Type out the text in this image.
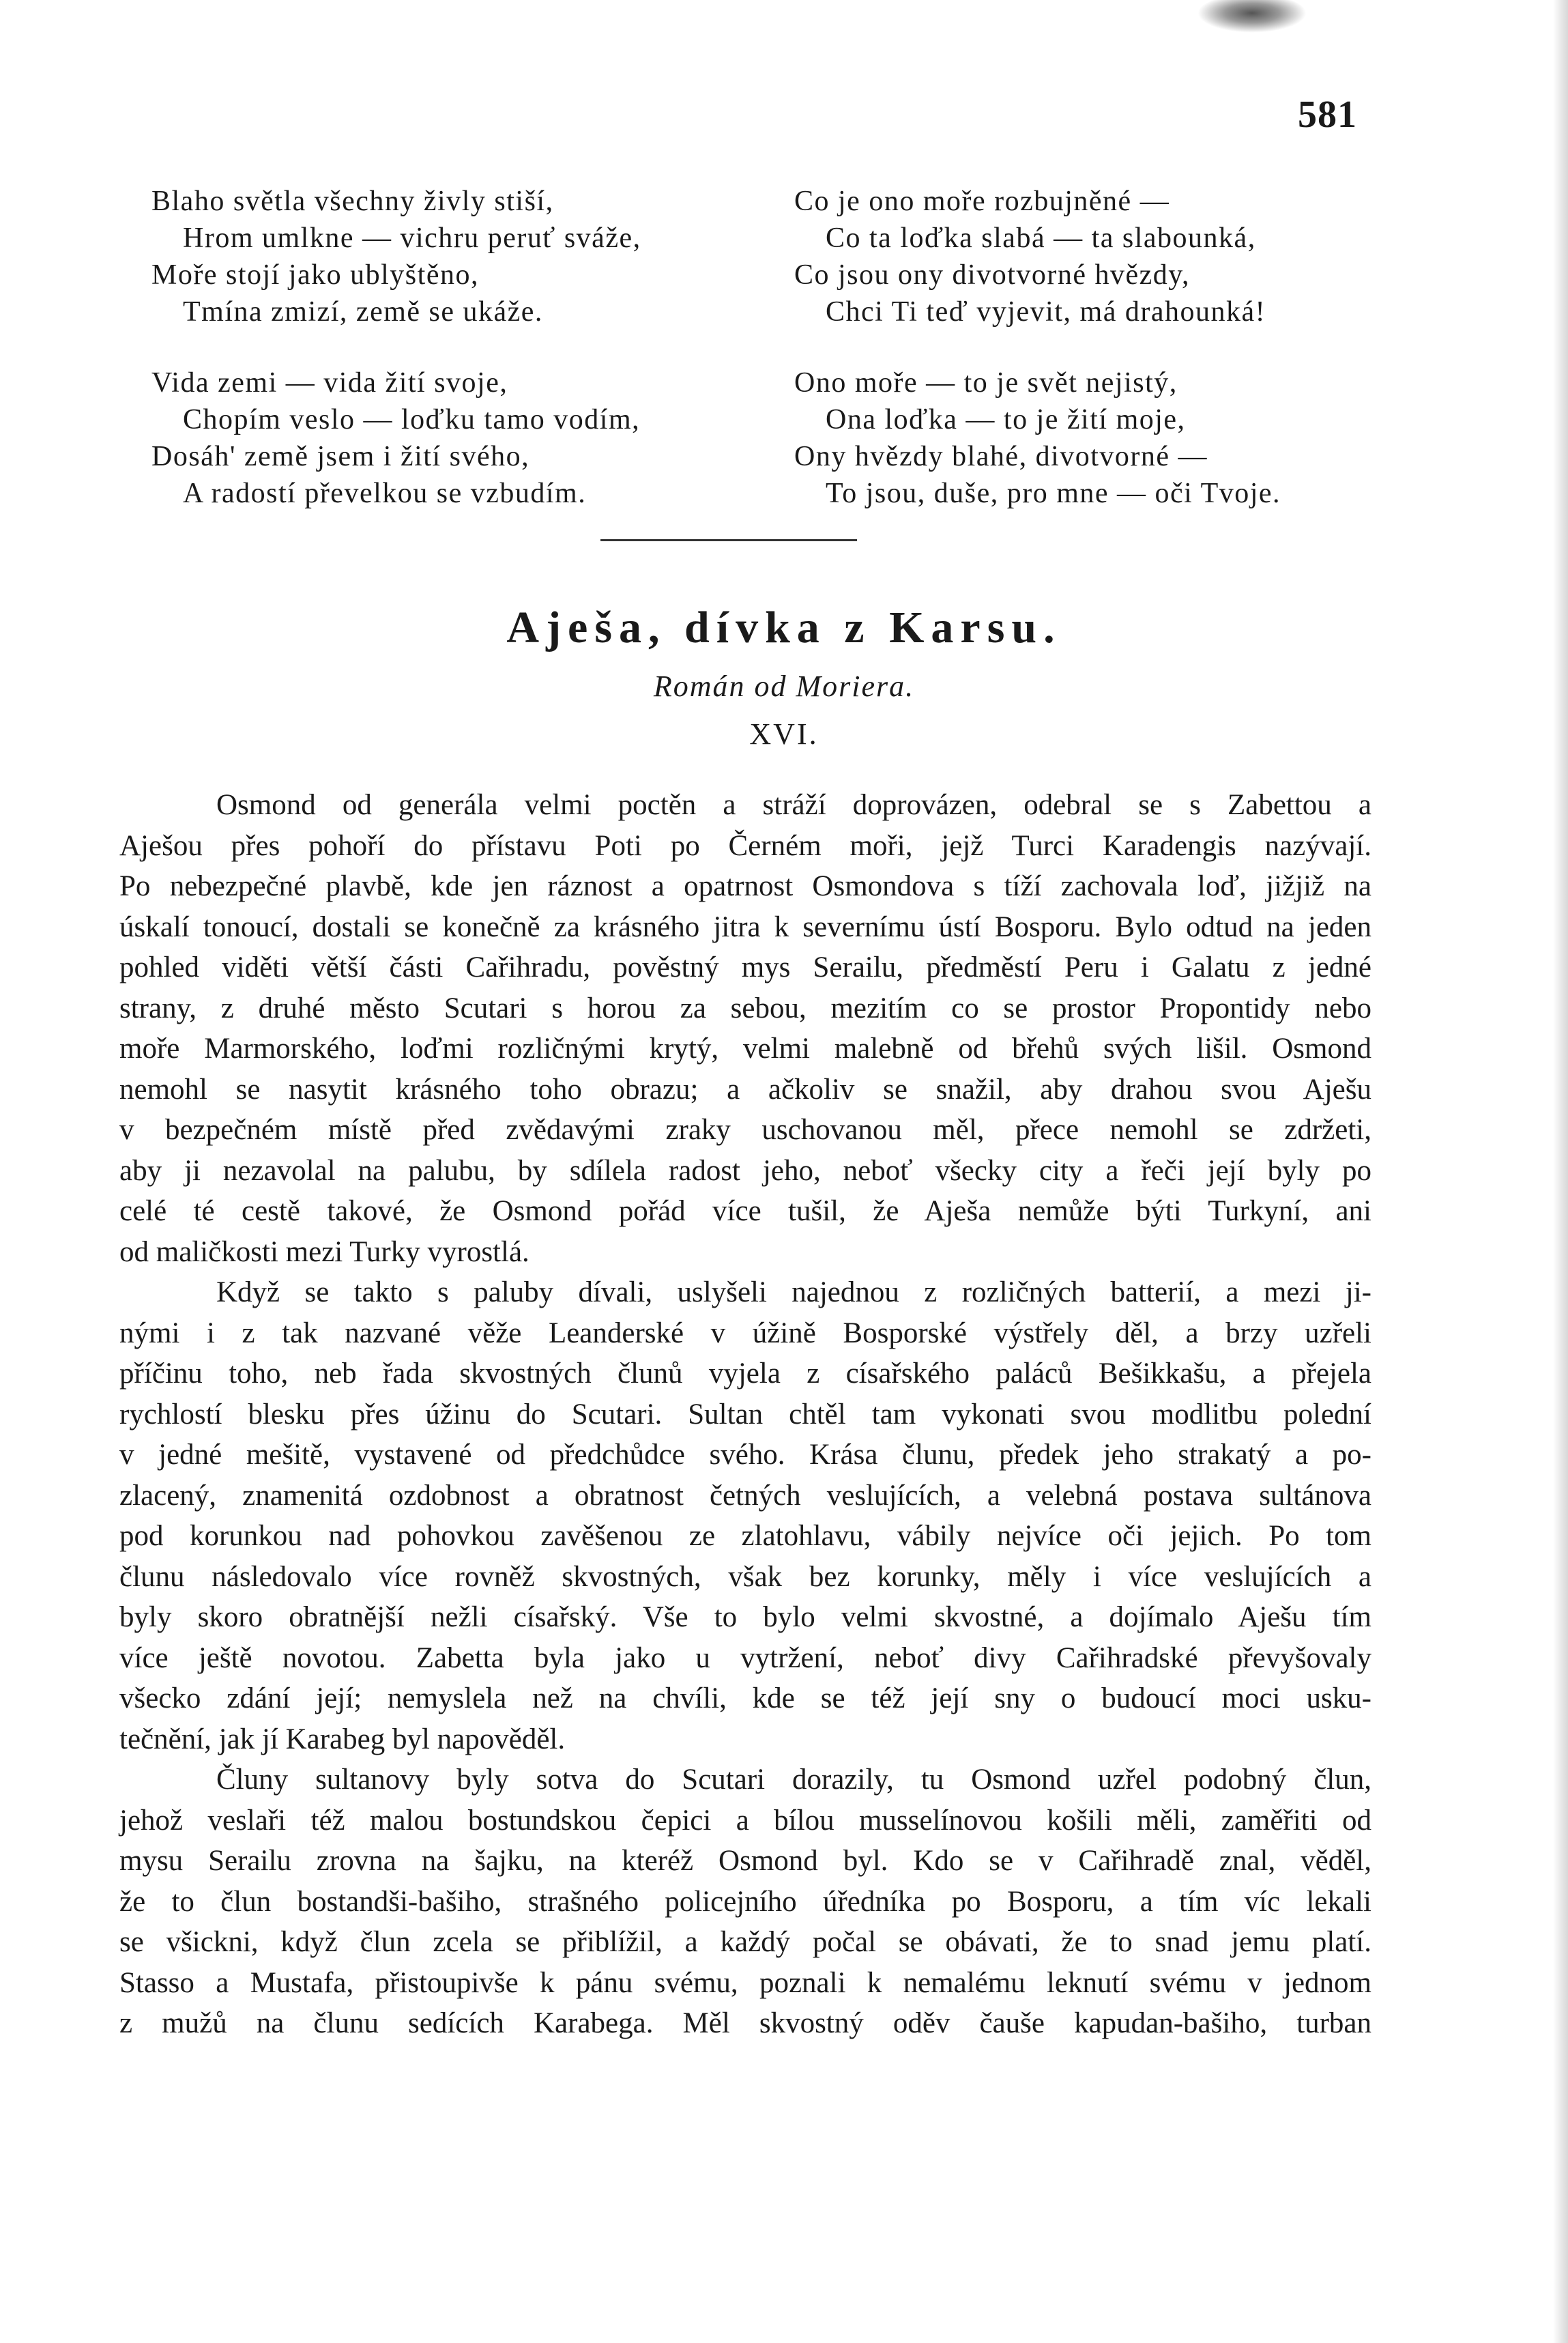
581
Blaho světla všechny živly stiší,
Hrom umlkne — vichru peruť sváže,
Moře stojí jako ublyštěno,
Tmína zmizí, země se ukáže.
Vida zemi — vida žití svoje,
Chopím veslo — loďku tamo vodím,
Dosáh' země jsem i žití svého,
A radostí převelkou se vzbudím.
Co je ono moře rozbujněné —
Co ta loďka slabá — ta slabounká,
Co jsou ony divotvorné hvězdy,
Chci Ti teď vyjevit, má drahounká!
Ono moře — to je svět nejistý,
Ona loďka — to je žití moje,
Ony hvězdy blahé, divotvorné —
To jsou, duše, pro mne — oči Tvoje.
Aješa, dívka z Karsu.
Román od Moriera.
XVI.

Osmond od generála velmi poctěn a stráží doprovázen, odebral se s Zabettou a
Aješou přes pohoří do přístavu Poti po Černém moři, jejž Turci Karadengis nazývají.
Po nebezpečné plavbě, kde jen ráznost a opatrnost Osmondova s tíží zachovala loď, jižjiž na
úskalí tonoucí, dostali se konečně za krásného jitra k severnímu ústí Bosporu. Bylo odtud na jeden
pohled viděti větší části Cařihradu, pověstný mys Serailu, předměstí Peru i Galatu z jedné
strany, z druhé město Scutari s horou za sebou, mezitím co se prostor Propontidy nebo
moře Marmorského, loďmi rozličnými krytý, velmi malebně od břehů svých lišil. Osmond
nemohl se nasytit krásného toho obrazu; a ačkoliv se snažil, aby drahou svou Aješu
v bezpečném místě před zvědavými zraky uschovanou měl, přece nemohl se zdržeti,
aby ji nezavolal na palubu, by sdílela radost jeho, neboť všecky city a řeči její byly po
celé té cestě takové, že Osmond pořád více tušil, že Aješa nemůže býti Turkyní, ani
od maličkosti mezi Turky vyrostlá.

Když se takto s paluby dívali, uslyšeli najednou z rozličných batterií, a mezi ji-
nými i z tak nazvané věže Leanderské v úžině Bosporské výstřely děl, a brzy uzřeli
příčinu toho, neb řada skvostných člunů vyjela z císařského paláců Bešikkašu, a přejela
rychlostí blesku přes úžinu do Scutari. Sultan chtěl tam vykonati svou modlitbu polední
v jedné mešitě, vystavené od předchůdce svého. Krása člunu, předek jeho strakatý a po-
zlacený, znamenitá ozdobnost a obratnost četných veslujících, a velebná postava sultánova
pod korunkou nad pohovkou zavěšenou ze zlatohlavu, vábily nejvíce oči jejich. Po tom
člunu následovalo více rovněž skvostných, však bez korunky, měly i více veslujících a
byly skoro obratnější nežli císařský. Vše to bylo velmi skvostné, a dojímalo Aješu tím
více ještě novotou. Zabetta byla jako u vytržení, neboť divy Cařihradské převyšovaly
všecko zdání její; nemyslela než na chvíli, kde se též její sny o budoucí moci usku-
tečnění, jak jí Karabeg byl napověděl.

Čluny sultanovy byly sotva do Scutari dorazily, tu Osmond uzřel podobný člun,
jehož veslaři též malou bostundskou čepici a bílou musselínovou košili měli, zaměřiti od
mysu Serailu zrovna na šajku, na kteréž Osmond byl. Kdo se v Cařihradě znal, věděl,
že to člun bostandši-bašiho, strašného policejního úředníka po Bosporu, a tím víc lekali
se všickni, když člun zcela se přiblížil, a každý počal se obávati, že to snad jemu platí.
Stasso a Mustafa, přistoupivše k pánu svému, poznali k nemalému leknutí svému v jednom
z mužů na člunu sedících Karabega. Měl skvostný oděv čauše kapudan-bašiho, turban
